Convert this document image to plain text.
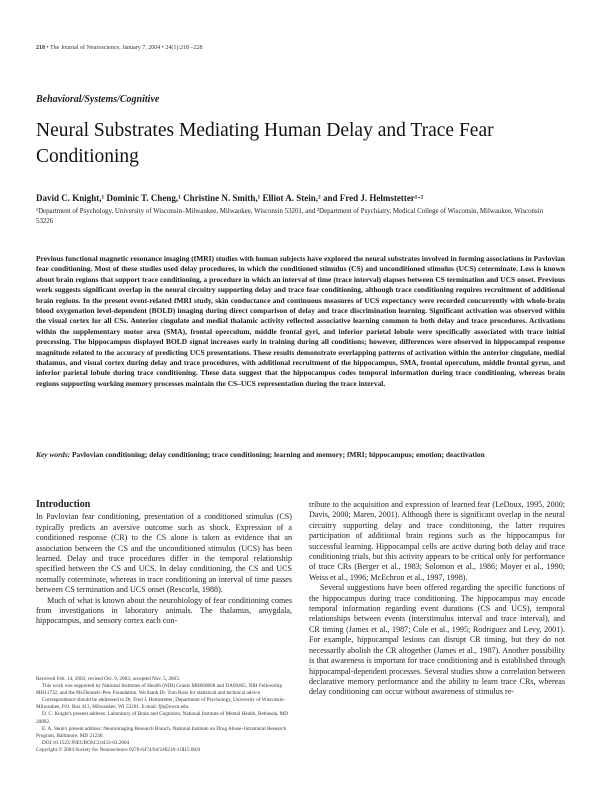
218 • The Journal of Neuroscience, January 7, 2004 • 24(1):218 –228
Behavioral/Systems/Cognitive
Neural Substrates Mediating Human Delay and Trace Fear Conditioning
David C. Knight,¹ Dominic T. Cheng,¹ Christine N. Smith,¹ Elliot A. Stein,² and Fred J. Helmstetter¹·²
¹Department of Psychology, University of Wisconsin–Milwaukee, Milwaukee, Wisconsin 53201, and ²Department of Psychiatry, Medical College of Wisconsin, Milwaukee, Wisconsin 53226
Previous functional magnetic resonance imaging (fMRI) studies with human subjects have explored the neural substrates involved in forming associations in Pavlovian fear conditioning. Most of these studies used delay procedures, in which the conditioned stimulus (CS) and unconditioned stimulus (UCS) coterminate. Less is known about brain regions that support trace conditioning, a procedure in which an interval of time (trace interval) elapses between CS termination and UCS onset. Previous work suggests significant overlap in the neural circuitry supporting delay and trace fear conditioning, although trace conditioning requires recruitment of additional brain regions. In the present event-related fMRI study, skin conductance and continuous measures of UCS expectancy were recorded concurrently with whole-brain blood oxygenation level-dependent (BOLD) imaging during direct comparison of delay and trace discrimination learning. Significant activation was observed within the visual cortex for all CSs. Anterior cingulate and medial thalamic activity reflected associative learning common to both delay and trace procedures. Activations within the supplementary motor area (SMA), frontal operculum, middle frontal gyri, and inferior parietal lobule were specifically associated with trace initial processing. The hippocampus displayed BOLD signal increases early in training during all conditions; however, differences were observed in hippocampal response magnitude related to the accuracy of predicting UCS presentations. These results demonstrate overlapping patterns of activation within the anterior cingulate, medial thalamus, and visual cortex during delay and trace procedures, with additional recruitment of the hippocampus, SMA, frontal operculum, middle frontal gyrus, and inferior parietal lobule during trace conditioning. These data suggest that the hippocampus codes temporal information during trace conditioning, whereas brain regions supporting working memory processes maintain the CS–UCS representation during the trace interval.
Key words: Pavlovian conditioning; delay conditioning; trace conditioning; learning and memory; fMRI; hippocampus; emotion; deactivation
Introduction

In Pavlovian fear conditioning, presentation of a conditioned stimulus (CS) typically predicts an aversive outcome such as shock. Expression of a conditioned response (CR) to the CS alone is taken as evidence that an association between the CS and the unconditioned stimulus (UCS) has been learned. Delay and trace procedures differ in the temporal relationship specified between the CS and UCS. In delay conditioning, the CS and UCS normally coterminate, whereas in trace conditioning an interval of time passes between CS termination and UCS onset (Rescorla, 1988).

Much of what is known about the neurobiology of fear conditioning comes from investigations in laboratory animals. The thalamus, amygdala, hippocampus, and sensory cortex each con-

Received Feb. 14, 2003; revised Oct. 9, 2003; accepted Nov. 5, 2003.
This work was supported by National Institutes of Health (NIH) Grants MH060668 and DA09465, NIH Fellowship MH11732, and the McDonnell–Pew Foundation. We thank Dr. Tom Ross for statistical and technical advice.
Correspondence should be addressed to Dr. Fred J. Helmstetter, Department of Psychology, University of Wisconsin–Milwaukee, P.O. Box 413, Milwaukee, WI 53201. E-mail: fjh@uwm.edu.
D. C. Knight's present address: Laboratory of Brain and Cognition, National Institute of Mental Health, Bethesda, MD 20892.
E. A. Stein's present address: Neuroimaging Research Branch, National Institute on Drug Abuse–Intramural Research Program, Baltimore, MD 21230.
DOI:10.1523/JNEUROSCI.0433-03.2004
Copyright © 2004 Society for Neuroscience 0270-6474/04/240218-11$15.00/0

tribute to the acquisition and expression of learned fear (LeDoux, 1995, 2000; Davis, 2000; Maren, 2001). Although there is significant overlap in the neural circuitry supporting delay and trace conditioning, the latter requires participation of additional brain regions such as the hippocampus for successful learning. Hippocampal cells are active during both delay and trace conditioning trials, but this activity appears to be critical only for performance of trace CRs (Berger et al., 1983; Solomon et al., 1986; Moyer et al., 1990; Weiss et al., 1996; McEchron et al., 1997, 1998).

Several suggestions have been offered regarding the specific functions of the hippocampus during trace conditioning. The hippocampus may encode temporal information regarding event durations (CS and UCS), temporal relationships between events (interstimulus interval and trace interval), and CR timing (James et al., 1987; Cole et al., 1995; Rodriguez and Levy, 2001). For example, hippocampal lesions can disrupt CR timing, but they do not necessarily abolish the CR altogether (James et al., 1987). Another possibility is that awareness is important for trace conditioning and is established through hippocampal-dependent processes. Several studies show a correlation between declarative memory performance and the ability to learn trace CRs, whereas delay conditioning can occur without awareness of stimulus re-
